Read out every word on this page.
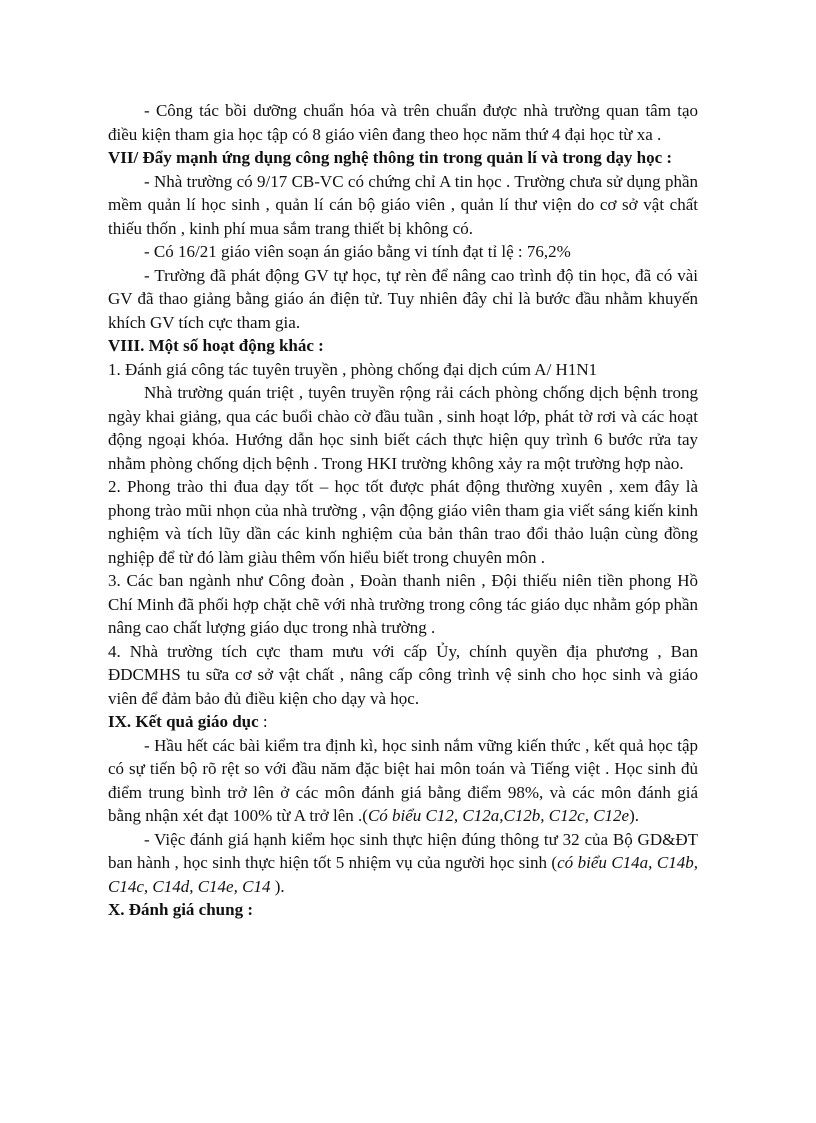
- Công tác bồi dưỡng chuẩn hóa và trên chuẩn được nhà trường quan tâm tạo điều kiện tham gia học tập có 8 giáo viên đang theo học năm thứ 4 đại học từ xa .

VII/ Đẩy mạnh ứng dụng công nghệ thông tin trong quản lí và trong dạy học :

- Nhà trường có 9/17 CB-VC có chứng chỉ A tin học . Trường chưa sử dụng phần mềm quản lí học sinh , quản lí cán bộ giáo viên , quản lí thư viện do cơ sở vật chất thiếu thốn , kinh phí mua sắm trang thiết bị không có.

- Có 16/21 giáo viên soạn án giáo bằng vi tính đạt tỉ lệ : 76,2%

- Trường đã phát động GV tự học, tự rèn để nâng cao trình độ tin học, đã có vài GV đã thao giảng bằng giáo án điện tử. Tuy nhiên đây chỉ là bước đầu nhằm khuyến khích GV tích cực tham gia.

VIII. Một số hoạt động khác :

1. Đánh giá công tác tuyên truyền , phòng chống đại dịch cúm A/ H1N1

Nhà trường quán triệt , tuyên truyền rộng rải cách phòng chống dịch bệnh trong ngày khai giảng, qua các buổi chào cờ đầu tuần , sinh hoạt lớp, phát tờ rơi và các hoạt động ngoại khóa. Hướng dẫn học sinh biết cách thực hiện quy trình 6 bước rửa tay nhằm phòng chống dịch bệnh . Trong HKI trường không xảy ra một trường hợp nào.

2. Phong trào thi đua dạy tốt – học tốt được phát động thường xuyên , xem đây là phong trào mũi nhọn của nhà trường , vận động giáo viên tham gia viết sáng kiến kinh nghiệm và tích lũy dần các kinh nghiệm của bản thân trao đổi thảo luận cùng đồng nghiệp để từ đó làm giàu thêm vốn hiểu biết trong chuyên môn .

3. Các ban ngành như Công đoàn , Đoàn thanh niên , Đội thiếu niên tiền phong Hồ Chí Minh đã phối hợp chặt chẽ với nhà trường trong công tác giáo dục nhằm góp phần nâng cao chất lượng giáo dục trong nhà trường .

4. Nhà trường tích cực tham mưu với cấp Ủy, chính quyền địa phương , Ban ĐDCMHS tu sữa cơ sở vật chất , nâng cấp công trình vệ sinh cho học sinh và giáo viên để đảm bảo đủ điều kiện cho dạy và học.

IX. Kết quả giáo dục :

- Hầu hết các bài kiểm tra định kì, học sinh nắm vững kiến thức , kết quả học tập có sự tiến bộ rõ rệt so với đầu năm đặc biệt hai môn toán và Tiếng việt . Học sinh đủ điểm trung bình trở lên ở các môn đánh giá bằng điểm 98%, và các môn đánh giá bằng nhận xét đạt 100% từ A trở lên .(Có biểu C12, C12a,C12b, C12c, C12e).

- Việc đánh giá hạnh kiểm học sinh thực hiện đúng thông tư 32 của Bộ GD&ĐT ban hành , học sinh thực hiện tốt 5 nhiệm vụ của người học sinh (có biểu C14a, C14b, C14c, C14d, C14e, C14 ).

X. Đánh giá chung :
